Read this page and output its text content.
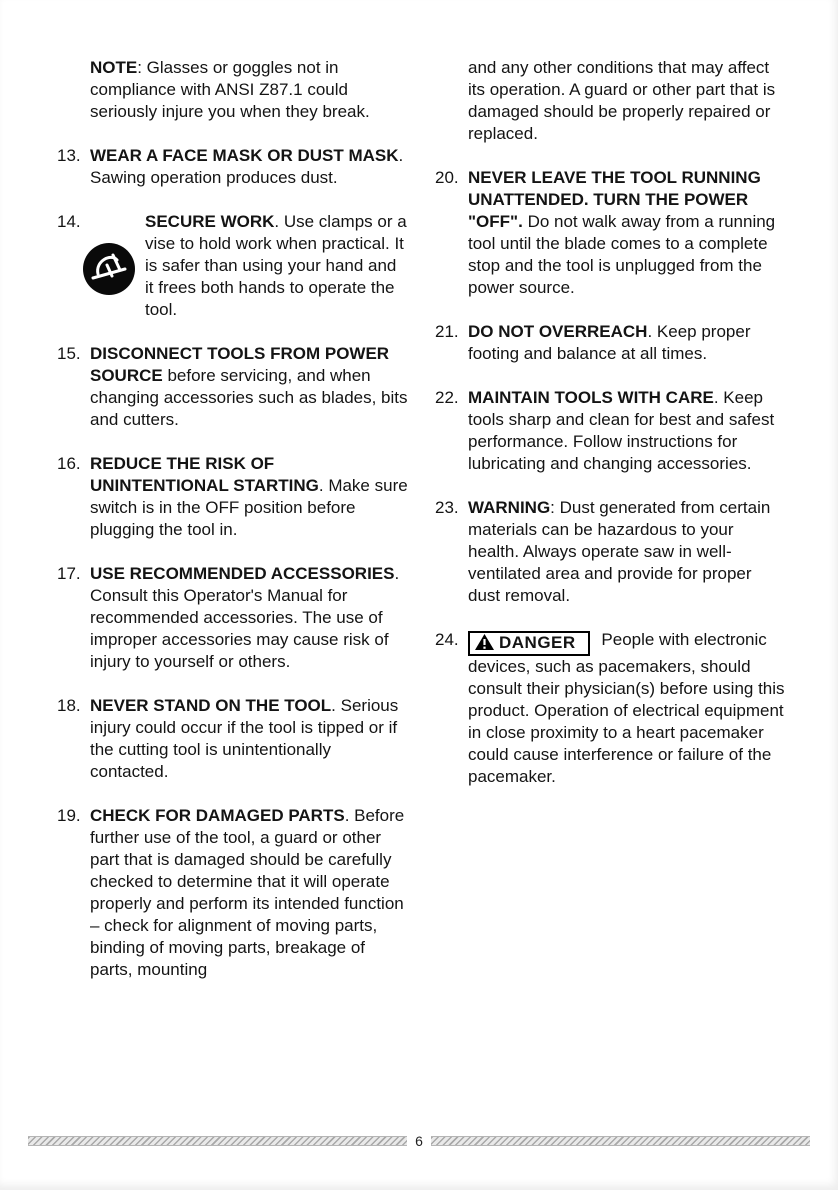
NOTE: Glasses or goggles not in compliance with ANSI Z87.1 could seriously injure you when they break.

13. WEAR A FACE MASK OR DUST MASK. Sawing operation produces dust.

14.	SECURE WORK. Use clamps or a vise to hold work when practical. It is safer than using your hand and it frees both hands to operate the tool.

15. DISCONNECT TOOLS FROM POWER SOURCE before servicing, and when changing accessories such as blades, bits and cutters.

16. REDUCE THE RISK OF UNINTENTIONAL STARTING. Make sure switch is in the OFF position before plugging the tool in.

17. USE RECOMMENDED ACCESSORIES. Consult this Operator's Manual for recommended accessories. The use of improper accessories may cause risk of injury to yourself or others.

18. NEVER STAND ON THE TOOL. Serious injury could occur if the tool is tipped or if the cutting tool is unintentionally contacted.

19. CHECK FOR DAMAGED PARTS. Before further use of the tool, a guard or other part that is damaged should be carefully checked to determine that it will operate properly and perform its intended function – check for alignment of moving parts, binding of moving parts, breakage of parts, mounting

and any other conditions that may affect its operation. A guard or other part that is damaged should be properly repaired or replaced.

20. NEVER LEAVE THE TOOL RUNNING UNATTENDED. TURN THE POWER "OFF". Do not walk away from a running tool until the blade comes to a complete stop and the tool is unplugged from the power source.

21. DO NOT OVERREACH. Keep proper footing and balance at all times.

22. MAINTAIN TOOLS WITH CARE. Keep tools sharp and clean for best and safest performance. Follow instructions for lubricating and changing accessories.

23. WARNING: Dust generated from certain materials can be hazardous to your health. Always operate saw in well-ventilated area and provide for proper dust removal.

24.	DANGER People with electronic devices, such as pacemakers, should consult their physician(s) before using this product. Operation of electrical equipment in close proximity to a heart pacemaker could cause interference or failure of the pacemaker.

6
